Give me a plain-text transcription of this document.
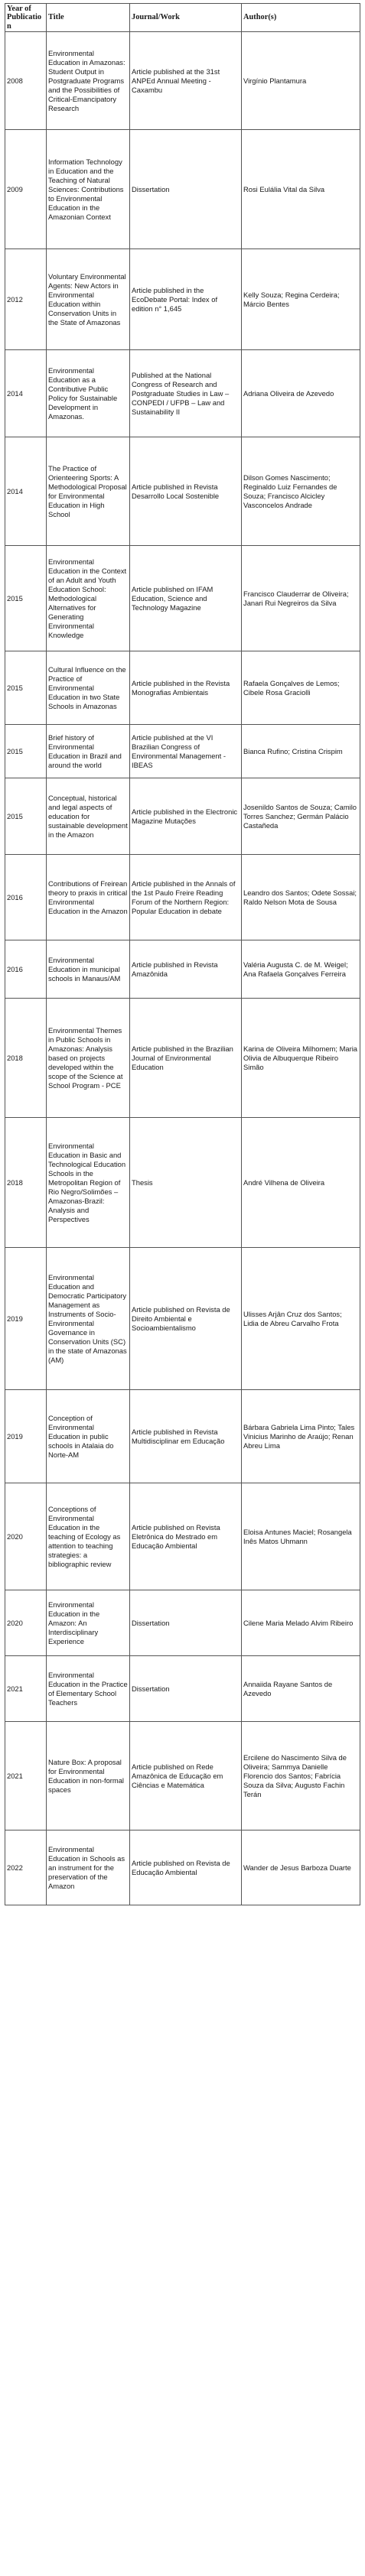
Year of Publication	Title	Journal/Work	Author(s)
2008	Environmental Education in Amazonas: Student Output in Postgraduate Programs and the Possibilities of Critical-Emancipatory Research	Article published at the 31st ANPEd Annual Meeting - Caxambu	Virgínio Plantamura
2009	Information Technology in Education and the Teaching of Natural Sciences: Contributions to Environmental Education in the Amazonian Context	Dissertation	Rosi Eulália Vital da Silva
2012	Voluntary Environmental Agents: New Actors in Environmental Education within Conservation Units in the State of Amazonas	Article published in the EcoDebate Portal: Index of edition n° 1,645	Kelly Souza; Regina Cerdeira; Márcio Bentes
2014	Environmental Education as a Contributive Public Policy for Sustainable Development in Amazonas.	Published at the National Congress of Research and Postgraduate Studies in Law – CONPEDI / UFPB – Law and Sustainability II	Adriana Oliveira de Azevedo
2014	The Practice of Orienteering Sports: A Methodological Proposal for Environmental Education in High School	Article published in Revista Desarrollo Local Sostenible	Dilson Gomes Nascimento; Reginaldo Luiz Fernandes de Souza; Francisco Alcicley Vasconcelos Andrade
2015	Environmental Education in the Context of an Adult and Youth Education School: Methodological Alternatives for Generating Environmental Knowledge	Article published on IFAM Education, Science and Technology Magazine	Francisco Clauderrar de Oliveira; Janari Rui Negreiros da Silva
2015	Cultural Influence on the Practice of Environmental Education in two State Schools in Amazonas	Article published in the Revista Monografias Ambientais	Rafaela Gonçalves de Lemos; Cibele Rosa Graciolli
2015	Brief history of Environmental Education in Brazil and around the world	Article published at the VI Brazilian Congress of Environmental Management - IBEAS	Bianca Rufino; Cristina Crispim
2015	Conceptual, historical and legal aspects of education for sustainable development in the Amazon	Article published in the Electronic Magazine Mutações	Josenildo Santos de Souza; Camilo Torres Sanchez; Germán Palácio Castañeda
2016	Contributions of Freirean theory to praxis in critical Environmental Education in the Amazon	Article published in the Annals of the 1st Paulo Freire Reading Forum of the Northern Region: Popular Education in debate	Leandro dos Santos; Odete Sossai; Raldo Nelson Mota de Sousa
2016	Environmental Education in municipal schools in Manaus/AM	Article published in Revista Amazônida	Valéria Augusta C. de M. Weigel; Ana Rafaela Gonçalves Ferreira
2018	Environmental Themes in Public Schools in Amazonas: Analysis based on projects developed within the scope of the Science at School Program - PCE	Article published in the Brazilian Journal of Environmental Education	Karina de Oliveira Milhomem; Maria Olivia de Albuquerque Ribeiro Simão
2018	Environmental Education in Basic and Technological Education Schools in the Metropolitan Region of Rio Negro/Solimões – Amazonas-Brazil: Analysis and Perspectives	Thesis	André Vilhena de Oliveira
2019	Environmental Education and Democratic Participatory Management as Instruments of Socio-Environmental Governance in Conservation Units (SC) in the state of Amazonas (AM)	Article published on Revista de Direito Ambiental e Socioambientalismo	Ulisses Arjân Cruz dos Santos; Lidia de Abreu Carvalho Frota
2019	Conception of Environmental Education in public schools in Atalaia do Norte-AM	Article published in Revista Multidisciplinar em Educação	Bárbara Gabriela Lima Pinto; Tales Vinicius Marinho de Araújo; Renan Abreu Lima
2020	Conceptions of Environmental Education in the teaching of Ecology as attention to teaching strategies: a bibliographic review	Article published on Revista Eletrônica do Mestrado em Educação Ambiental	Eloisa Antunes Maciel; Rosangela Inês Matos Uhmann
2020	Environmental Education in the Amazon: An Interdisciplinary Experience	Dissertation	Cilene Maria Melado Alvim Ribeiro
2021	Environmental Education in the Practice of Elementary School Teachers	Dissertation	Annaiida Rayane Santos de Azevedo
2021	Nature Box: A proposal for Environmental Education in non-formal spaces	Article published on Rede Amazônica de Educação em Ciências e Matemática	Ercilene do Nascimento Silva de Oliveira; Sammya Danielle Florencio dos Santos; Fabrícia Souza da Silva; Augusto Fachin Terán
2022	Environmental Education in Schools as an instrument for the preservation of the Amazon	Article published on Revista de Educação Ambiental	Wander de Jesus Barboza Duarte
